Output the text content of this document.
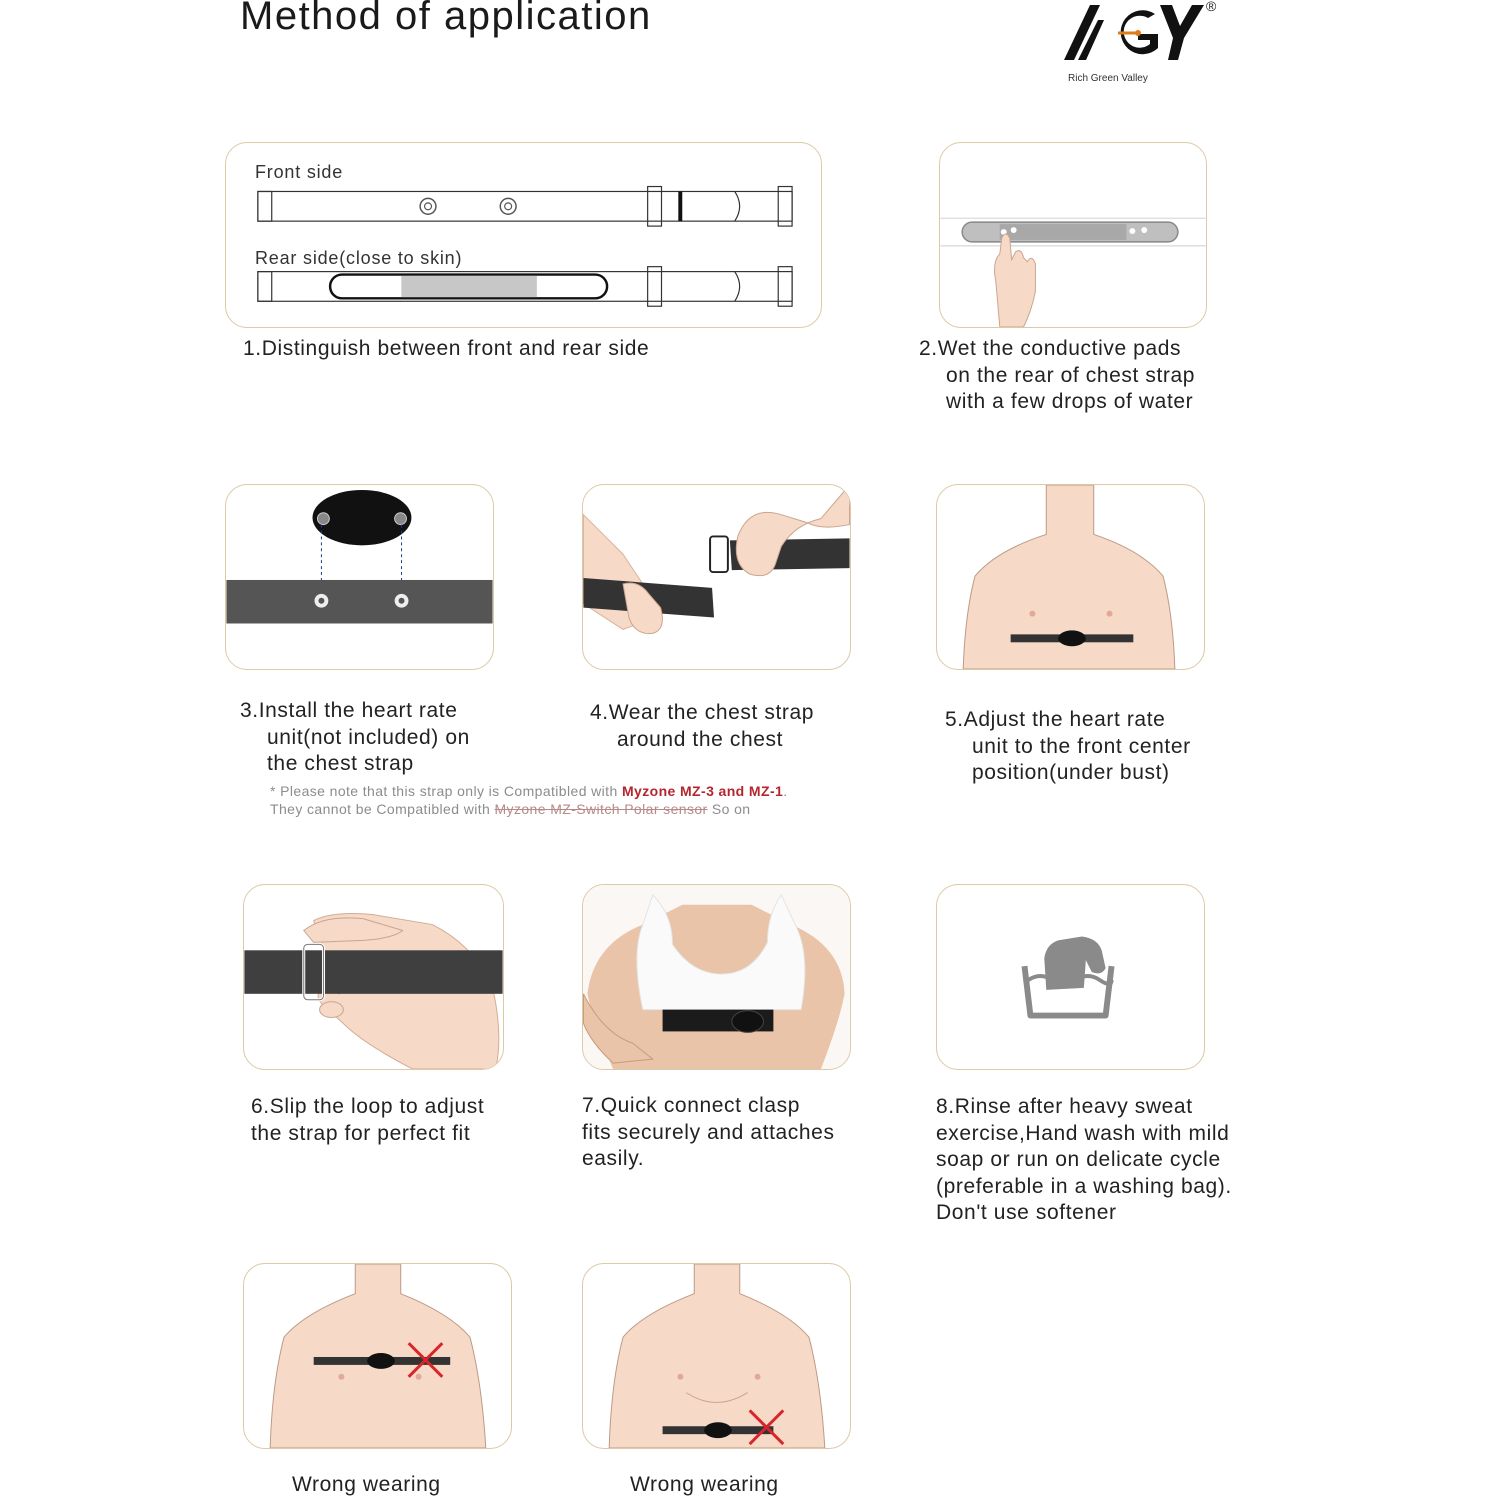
Method of application	®
Rich Green Valley
Front side
Rear side(close to skin)
1.Distinguish between front and rear side	2.Wet the conductive pads
on the rear of chest strap
with a few drops of water
3.Install the heart rate
unit(not included) on
the chest strap
* Please note that this strap only is Compatibled with Myzone MZ-3 and MZ-1.
They cannot be Compatibled with Myzone MZ-Switch Polar sensor So on
4.Wear the chest strap
around the chest
5.Adjust the heart rate
unit to the front center
position(under bust)
6.Slip the loop to adjust
the strap for perfect fit
7.Quick connect clasp
fits securely and attaches
easily.
8.Rinse after heavy sweat
exercise,Hand wash with mild
soap or run on delicate cycle
(preferable in a washing bag).
Don't use softener
Wrong wearing	Wrong wearing
